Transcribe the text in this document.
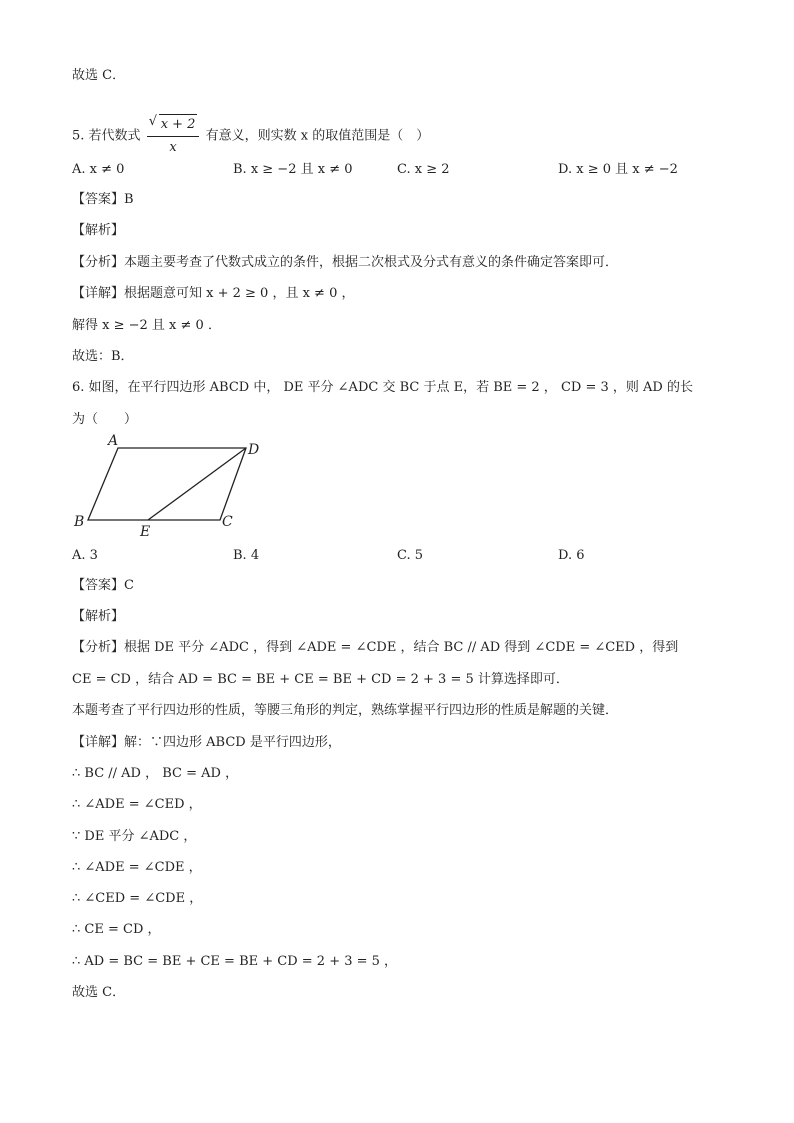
故选 C．
5. 若代数式 $\frac{√ x + 2}{x}$ 有意义，则实数 x 的取值范围是（　）
A. x ≠ 0	B. x ≥ −2 且 x ≠ 0	C. x ≥ 2	D. x ≥ 0 且 x ≠ −2
【答案】B
【解析】
【分析】本题主要考查了代数式成立的条件，根据二次根式及分式有意义的条件确定答案即可．
【详解】根据题意可知 x + 2 ≥ 0 ，且 x ≠ 0 ，
解得 x ≥ −2 且 x ≠ 0 ．
故选：B．
6. 如图，在平行四边形 ABCD 中， DE 平分 ∠ADC 交 BC 于点 E，若 BE = 2 ， CD = 3 ，则 AD 的长
为（　　）
A
D
B	C
E
A. 3	B. 4	C. 5	D. 6
【答案】C
【解析】
【分析】根据 DE 平分 ∠ADC ，得到 ∠ADE = ∠CDE ，结合 BC // AD 得到 ∠CDE = ∠CED ，得到
CE = CD ，结合 AD = BC = BE + CE = BE + CD = 2 + 3 = 5 计算选择即可．
本题考查了平行四边形的性质，等腰三角形的判定，熟练掌握平行四边形的性质是解题的关键．
【详解】解：∵四边形 ABCD 是平行四边形，
∴ BC // AD ， BC = AD ，
∴ ∠ADE = ∠CED ，
∵ DE 平分 ∠ADC ，
∴ ∠ADE = ∠CDE ，
∴ ∠CED = ∠CDE ，
∴ CE = CD ，
∴ AD = BC = BE + CE = BE + CD = 2 + 3 = 5 ，
故选 C．
